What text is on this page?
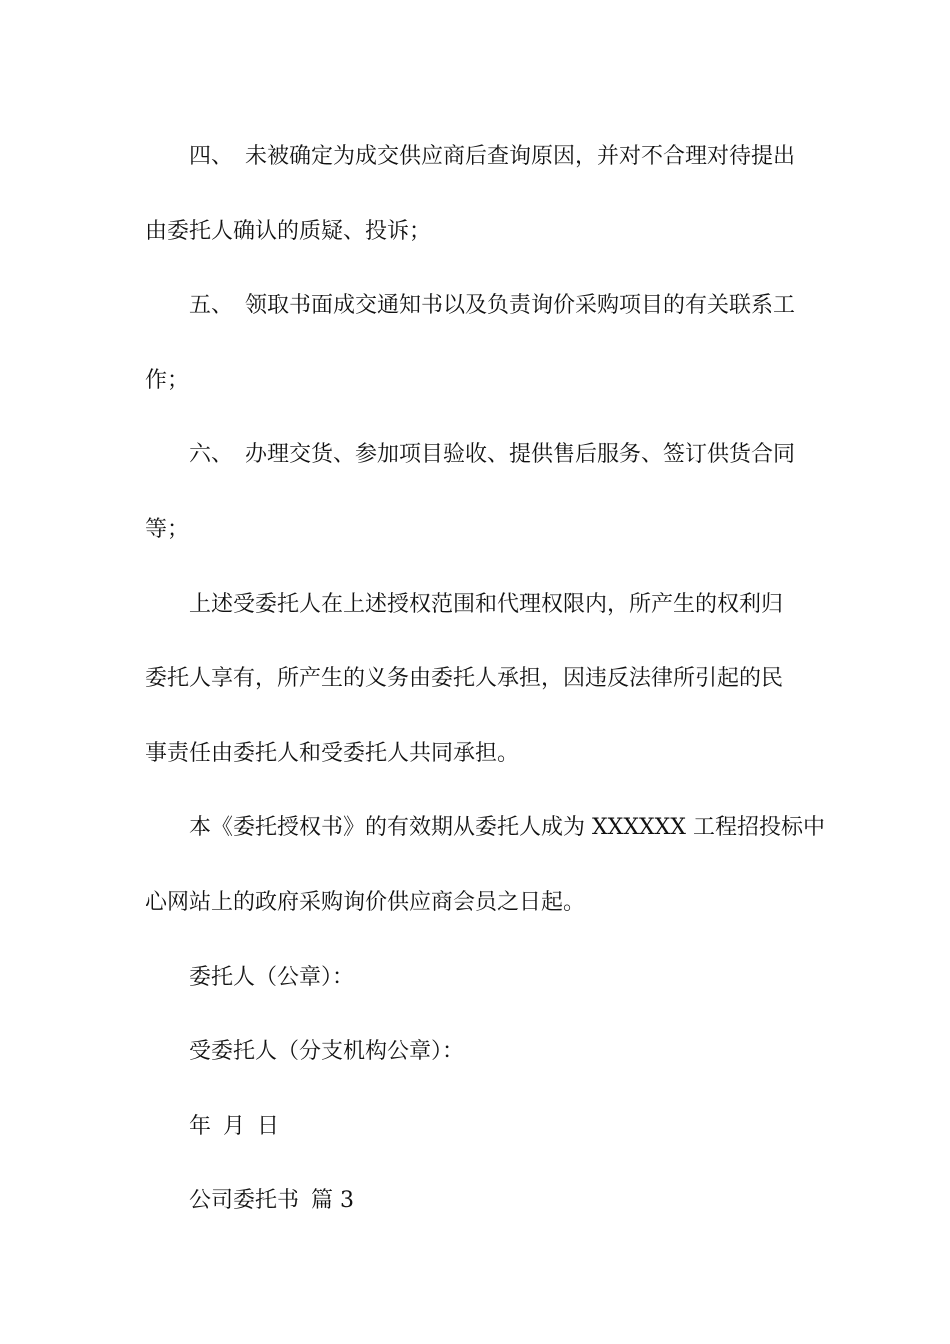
四、 未被确定为成交供应商后查询原因，并对不合理对待提出
由委托人确认的质疑、投诉；
五、 领取书面成交通知书以及负责询价采购项目的有关联系工
作；
六、 办理交货、参加项目验收、提供售后服务、签订供货合同
等；
上述受委托人在上述授权范围和代理权限内，所产生的权利归
委托人享有，所产生的义务由委托人承担，因违反法律所引起的民
事责任由委托人和受委托人共同承担。
本《委托授权书》的有效期从委托人成为 XXXXXX 工程招投标中
心网站上的政府采购询价供应商会员之日起。

委托人（公章）：

受委托人（分支机构公章）：

年 月 日

公司委托书 篇 3
